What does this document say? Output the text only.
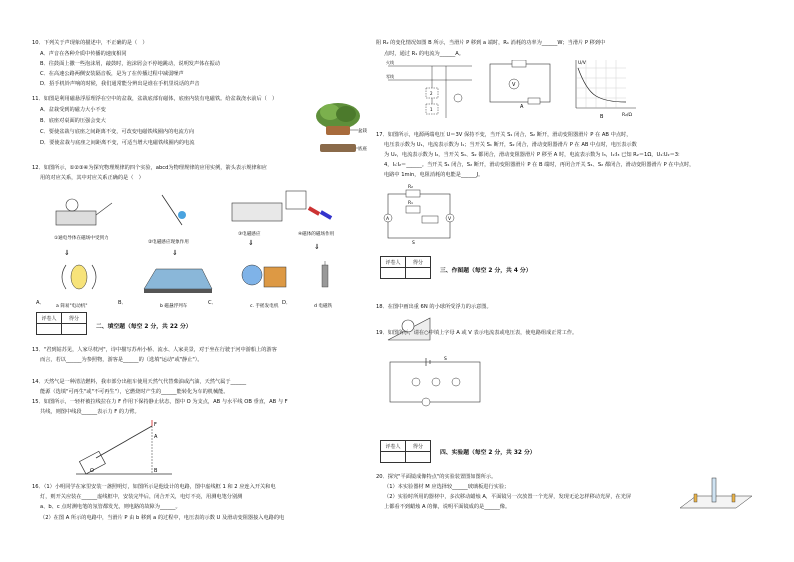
10．下列关于声现象的描述中，不正确的是（　）
A．声音在各种介质中传播的速度相同
B．往鼓面上撒一些泡沫屑，敲鼓时，泡沫屑会不停地跳动，说明发声体在振动
C．在高速公路两侧安装隔音板，是为了在传播过程中减弱噪声
D．捂手机铃声响的时候，我们通常能分辨出是谁在手机里说话的声音
11．如图是利用磁悬浮原理浮在空中的盆栽，盆栽底部有磁体，底座内装有电磁铁。给盆栽浇水前后（　）
A．盆栽受到的磁力大小不变
B．底座对桌面的压强会变大
C．要使盆栽与底座之间距离不变，可改变电磁铁线圈内的电流方向
D．要使盆栽与底座之间距离不变，可适当增大电磁铁线圈内的电流
盆栽
底座
12．如图所示，①②③④为探究物理规律的四个实验，abcd为物理规律的应用实例，箭头表示规律和应
用的对应关系，其中对应关系正确的是（　）
①通电导体在磁场中受到力
②电磁感应现象作用
③电磁感应	④磁体的磁场作用
⇓	⇓
⇓	⇓
a 简易"电动机"	b 磁悬浮列车	c. 手摇发电机	d 电磁铁
A．	B．	C．	D．
评卷人	得分

二、填空题（每空 2 分，共 22 分）
13．"君到姑苏见，人家尽枕河"，诗中描写苏州小桥、流水、人家美景，对于坐在行驶于河中游船上的游客
而言，若以______为参照物，游客是______的（选填"运动"或"静止"）。
14．天然气是一种清洁燃料，我市部分出租车使用天然气代替柴油或汽油，天然气属于______
能源（选填"可再生"或"不可再生"），它燃烧时产生的______能转化为车的机械能。
15．如图所示，一轻杆被拉线拉在力 F 作用下保持静止状态，图中 O 为支点，AB 与水平线 OB 垂直，AB 与 F
共线，则图中线段______表示力 F 的力臂。
F
A
B
O
16．（1）小明同学在家里安装一盏照明灯，如图所示是他设计的电路，图中虚线框 1 和 2 应连入开关和电
灯，则开关应装在______虚线框中，安装完毕后，闭合开关，电灯不亮，用测电笔分别测
a、b、c 点时测电笔的氖管都发光，则电路的故障为______。
（2）在图 A 所示的电路中，当滑片 P 由 b 移到 a 的过程中，电压表的示数 U 及滑动变阻器接入电路的电
阻 R₂ 的变化情况如图 B 所示，当滑片 P 移到 a 端时，R₁ 消耗的功率为______W；当滑片 P 移到中
点时，通过 R₁ 的电流为______A。
火线
零线
2
1
V
A
U/V
R₂/Ω
B
17．如图所示，电源两端电压 U＝3V 保持不变，当开关 S₁ 闭合，S₂ 断开，滑动变阻器滑片 P 在 AB 中点时，
电压表示数为 U₁，电流表示数为 I₁；当开关 S₁ 断开，S₂ 闭合，滑动变阻器滑片 P 在 AB 中点时，电压表示数
为 U₂，电流表示数为 I₂，当开关 S₁、S₂ 都闭合，滑动变阻器滑片 P 移至 A 时，电流表示数为 I₃，I₂∶I₃ 已知 R₂＝1Ω，U₁∶U₂＝3∶
4，I₁∶I₂＝______。当开关 S₁ 闭合，S₂ 断开，滑动变阻器滑片 P 在 B 端时，再闭合开关 S₁、S₂ 都闭合，滑动变阻器滑片 P 在中点时，
电路中 1min，电阻消耗的电能是______J。
R₂
R₁
A	V
S
评卷人	得分

三、作图题（每空 2 分，共 4 分）
18．在图中画出重 6N 的小球所受浮力的示意图。
19．如图所示，请在○中填上字母 A 或 V 表示电流表或电压表，使电路组成正常工作。
S
评卷人	得分

四、实验题（每空 2 分，共 32 分）
20．探究"平面镜成像特点"的实验装置图如图所示。
（1）本实验器材 M 应选择较______玻璃板进行实验；
（2）实验时所用的器材中，多次移动蜡烛 A，平面镜另一次放置一个光屏，发现无论怎样移动光屏，在光屏
上都看不到蜡烛 A 的像，说明平面镜成的是______像。
